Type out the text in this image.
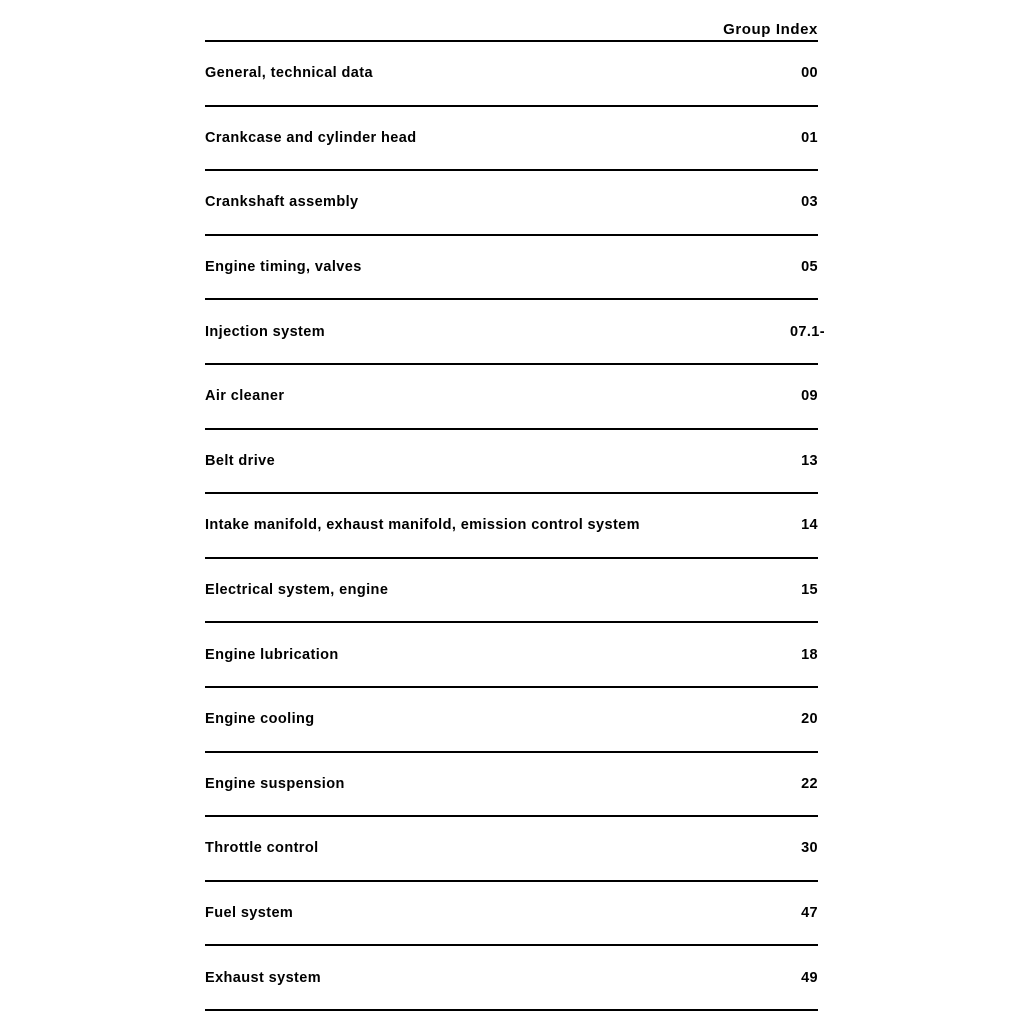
Group Index
General, technical data	00
Crankcase and cylinder head	01
Crankshaft assembly	03
Engine timing, valves	05
Injection system	07.1-
Air cleaner	09
Belt drive	13
Intake manifold, exhaust manifold, emission control system	14
Electrical system, engine	15
Engine lubrication	18
Engine cooling	20
Engine suspension	22
Throttle control	30
Fuel system	47
Exhaust system	49
